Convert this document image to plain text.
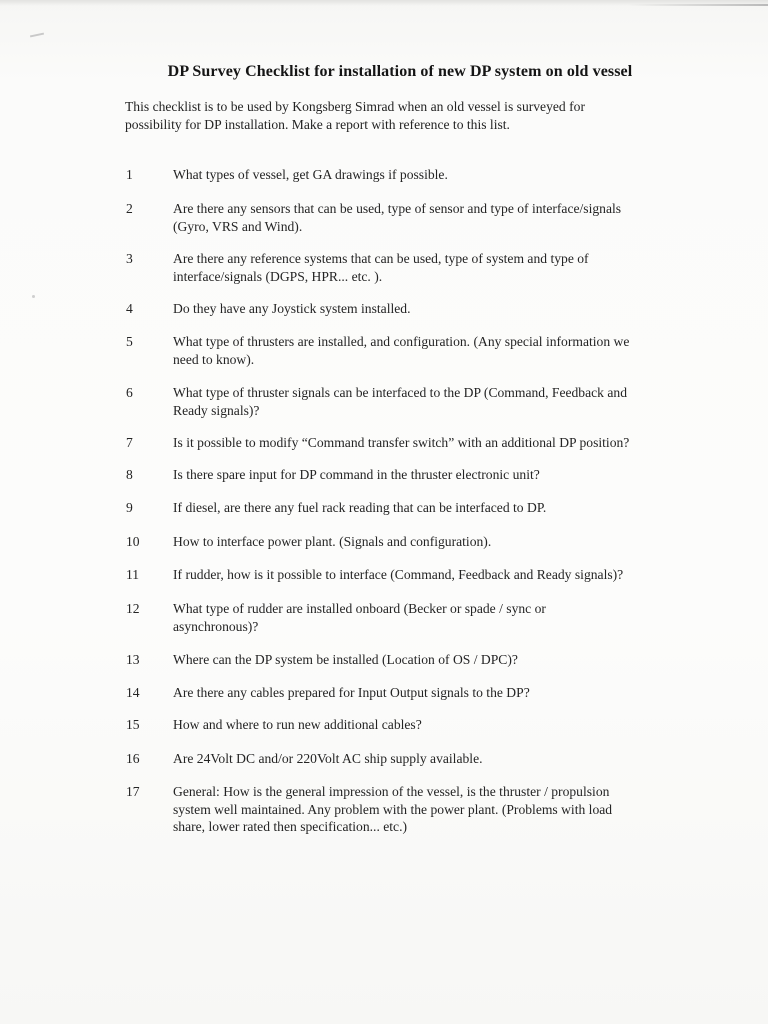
DP Survey Checklist for installation of new DP system on old vessel

This checklist is to be used by Kongsberg Simrad when an old vessel is surveyed for

possibility for DP installation. Make a report with reference to this list.

1	What types of vessel, get GA drawings if possible.
2	Are there any sensors that can be used, type of sensor and type of interface/signals
(Gyro, VRS and Wind).
3	Are there any reference systems that can be used, type of system and type of
interface/signals (DGPS, HPR... etc. ).
4	Do they have any Joystick system installed.
5	What type of thrusters are installed, and configuration. (Any special information we
need to know).
6	What type of thruster signals can be interfaced to the DP (Command, Feedback and
Ready signals)?
7	Is it possible to modify “Command transfer switch” with an additional DP position?
8	Is there spare input for DP command in the thruster electronic unit?
9	If diesel, are there any fuel rack reading that can be interfaced to DP.
10 How to interface power plant. (Signals and configuration).
11 If rudder, how is it possible to interface (Command, Feedback and Ready signals)?
12 What type of rudder are installed onboard (Becker or spade / sync or
asynchronous)?
13 Where can the DP system be installed (Location of OS / DPC)?
14 Are there any cables prepared for Input Output signals to the DP?
15 How and where to run new additional cables?
16 Are 24Volt DC and/or 220Volt AC ship supply available.
17 General: How is the general impression of the vessel, is the thruster / propulsion
system well maintained. Any problem with the power plant. (Problems with load
share, lower rated then specification... etc.)
